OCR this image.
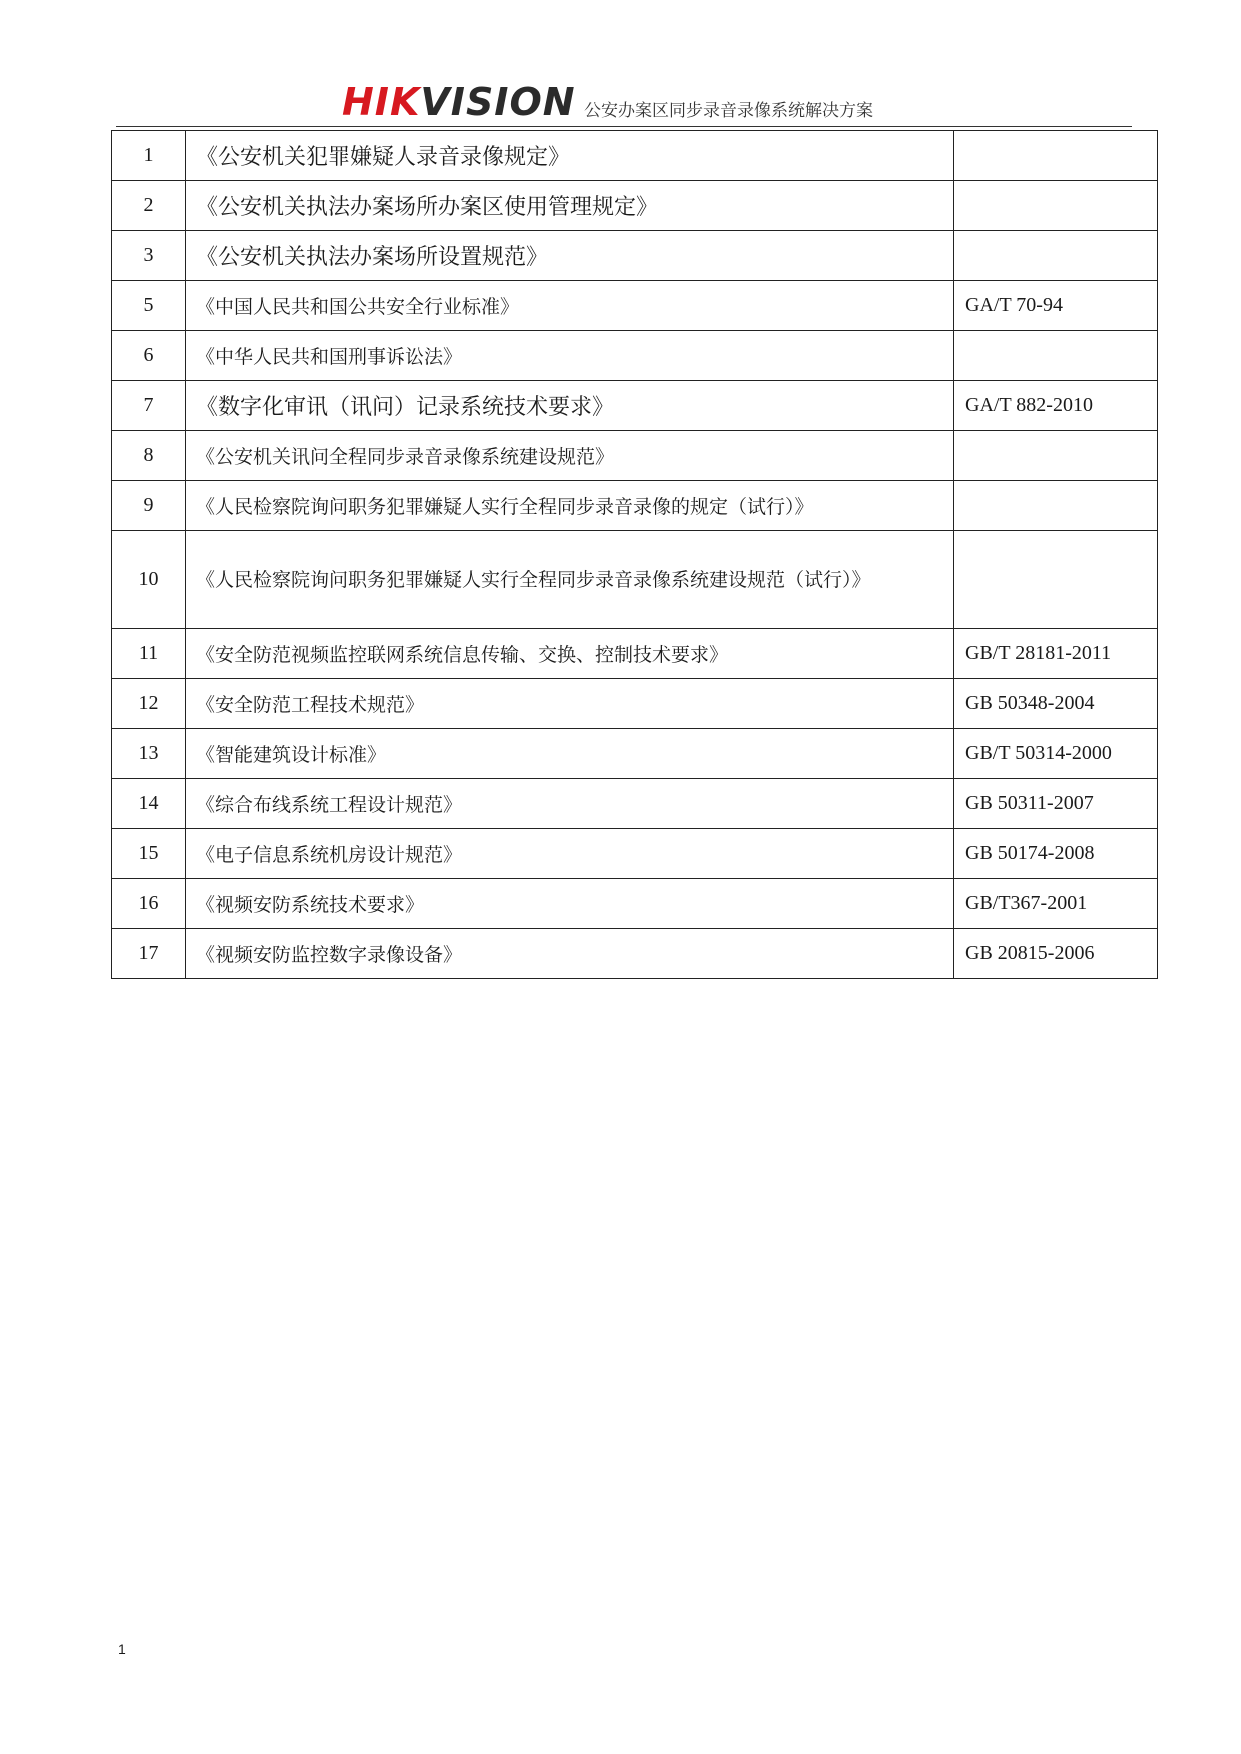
HIKVISION 公安办案区同步录音录像系统解决方案
1	《公安机关犯罪嫌疑人录音录像规定》	
2	《公安机关执法办案场所办案区使用管理规定》	
3	《公安机关执法办案场所设置规范》	
5	《中国人民共和国公共安全行业标准》	GA/T 70-94
6	《中华人民共和国刑事诉讼法》	
7	《数字化审讯（讯问）记录系统技术要求》	GA/T 882-2010
8	《公安机关讯问全程同步录音录像系统建设规范》	
9	《人民检察院询问职务犯罪嫌疑人实行全程同步录音录像的规定（试行）》	
10	《人民检察院询问职务犯罪嫌疑人实行全程同步录音录像系统建设规范（试行）》	
11	《安全防范视频监控联网系统信息传输、交换、控制技术要求》	GB/T 28181-2011
12	《安全防范工程技术规范》	GB 50348-2004
13	《智能建筑设计标准》	GB/T 50314-2000
14	《综合布线系统工程设计规范》	GB 50311-2007
15	《电子信息系统机房设计规范》	GB 50174-2008
16	《视频安防系统技术要求》	GB/T367-2001
17	《视频安防监控数字录像设备》	GB 20815-2006
1
